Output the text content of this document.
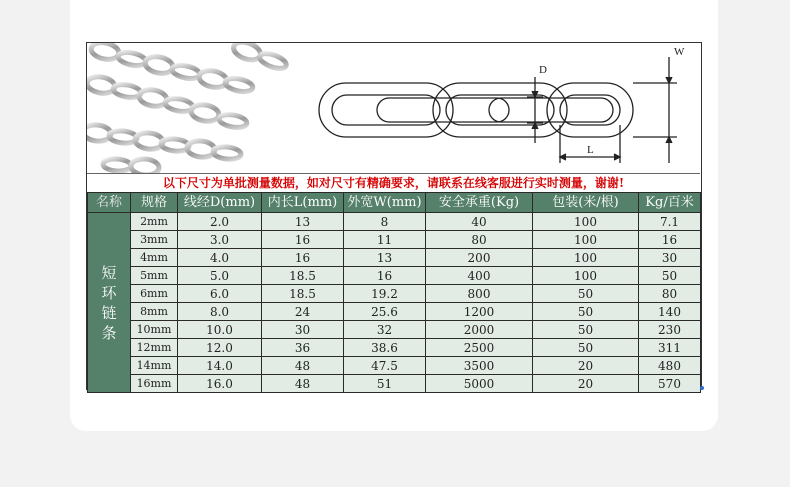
D
W
L
以下尺寸为单批测量数据，如对尺寸有精确要求，请联系在线客服进行实时测量，谢谢!
名称	规格	线经D(mm)	内长L(mm)	外宽W(mm)	安全承重(Kg)	包装(米/根)	Kg/百米

短
环
链
条	2mm	2.0	13	8	40	100	7.1
	3mm	3.0	16	11	80	100	16
	4mm	4.0	16	13	200	100	30
	5mm	5.0	18.5	16	400	100	50
	6mm	6.0	18.5	19.2	800	50	80
	8mm	8.0	24	25.6	1200	50	140
	10mm	10.0	30	32	2000	50	230
	12mm	12.0	36	38.6	2500	50	311
	14mm	14.0	48	47.5	3500	20	480
	16mm	16.0	48	51	5000	20	570
